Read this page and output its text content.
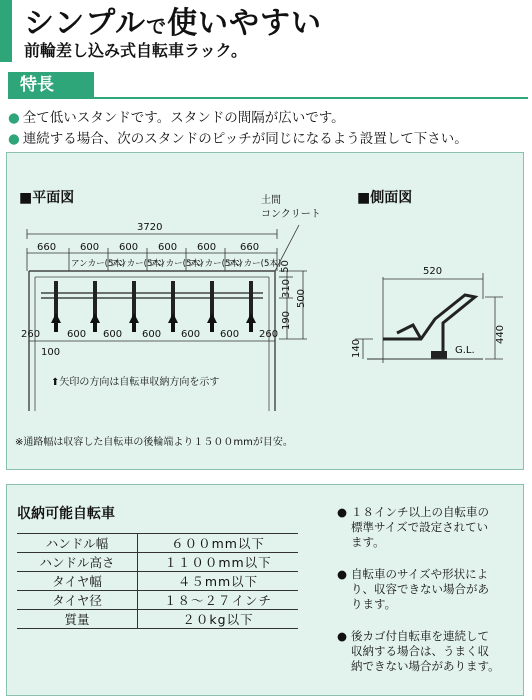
シンプルで使いやすい
前輪差し込み式自転車ラック。
特長
● 全て低いスタンドです。スタンドの間隔が広いです。
● 連続する場合、次のスタンドのピッチが同じになるよう設置して下さい。
■平面図	■側面図
3720
660 600 600 600 600 660
アンカー(5本)
アンカー(5本)
アンカー(5本)
アンカー(5本)
アンカー(5本)
土間
コンクリート
260	600 600 600 600 600 260
100
50
310
500
190
⬆矢印の方向は自転車収納方向を示す
520
440
140	G.L.
※通路幅は収容した自転車の後輪端より１５００mmが目安。
収納可能自転車
ハンドル幅	６００mm以下
ハンドル高さ	１１００mm以下
タイヤ幅	４５mm以下
タイヤ径	１８～２７インチ
質量	２０kg以下
● １８インチ以上の自転車の
標準サイズで設定されてい
ます。
● 自転車のサイズや形状によ
り、収容できない場合があ
ります。
● 後カゴ付自転車を連続して
収納する場合は、うまく収
納できない場合があります。
